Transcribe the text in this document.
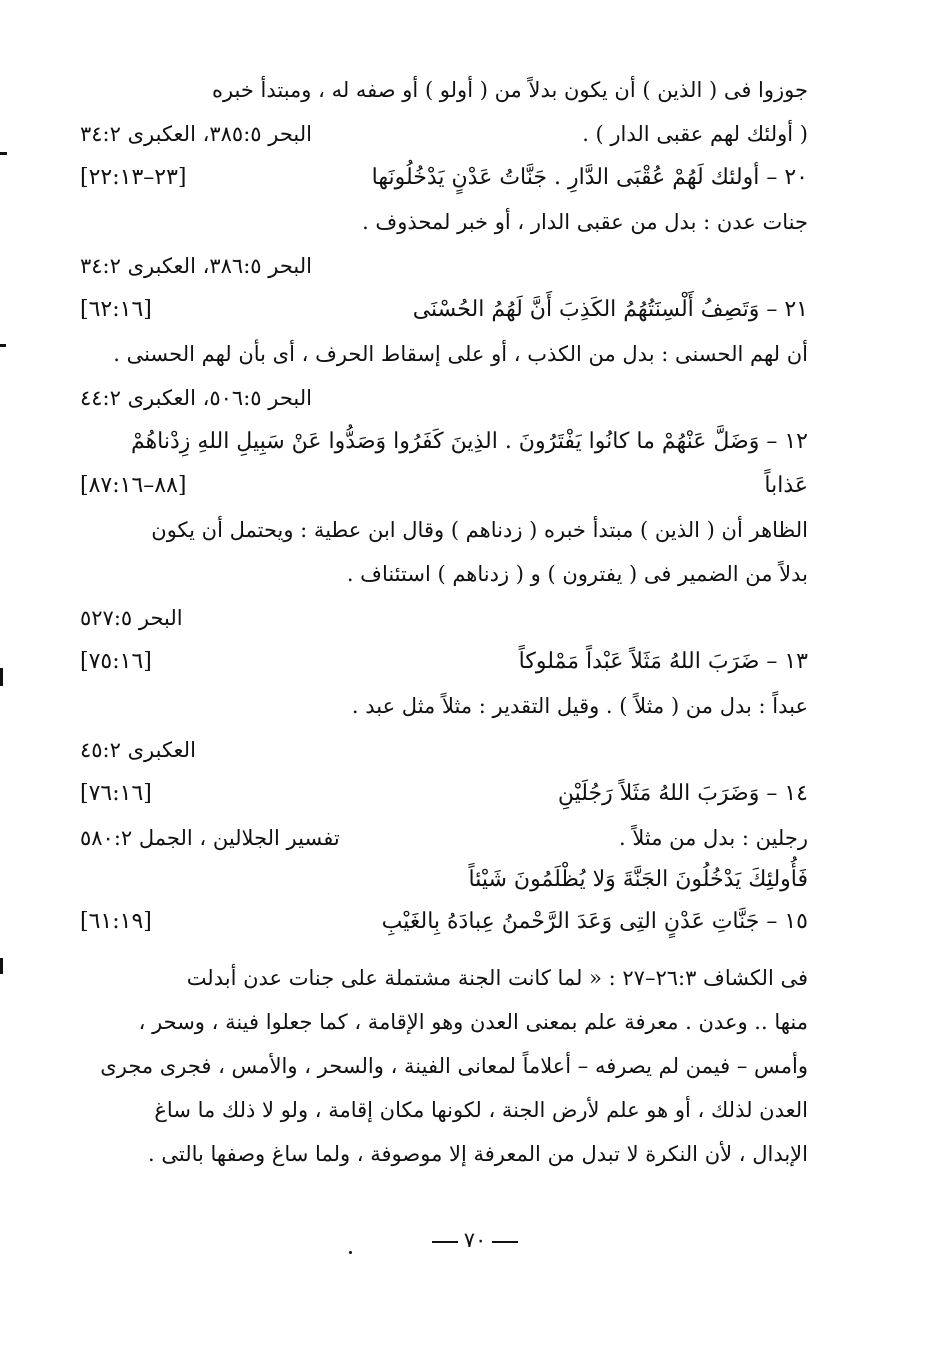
جوزوا فى ( الذين ) أن يكون بدلاً من ( أولو ) أو صفه له ، ومبتدأ خبره
( أولئك لهم عقبى الدار ) .
البحر ٣٨٥:٥، العكبرى ٣٤:٢
٢٠ – أولئك لَهُمْ عُقْبَى الدَّارِ . جَنَّاتُ عَدْنٍ يَدْخُلُونَها
[٢٣–٢٢:١٣]
جنات عدن : بدل من عقبى الدار ، أو خبر لمحذوف .
البحر ٣٨٦:٥، العكبرى ٣٤:٢
٢١ – وَتَصِفُ أَلْسِنَتُهُمُ الكَذِبَ أَنَّ لَهُمُ الحُسْنَى
[٦٢:١٦]
أن لهم الحسنى : بدل من الكذب ، أو على إسقاط الحرف ، أى بأن لهم الحسنى .
البحر ٥٠٦:٥، العكبرى ٤٤:٢
١٢ – وَضَلَّ عَنْهُمْ ما كانُوا يَفْتَرُونَ . الذِينَ كَفَرُوا وَصَدُّوا عَنْ سَبِيلِ اللهِ زِدْناهُمْ
عَذاباً
[٨٨–٨٧:١٦]
الظاهر أن ( الذين ) مبتدأ خبره ( زدناهم ) وقال ابن عطية : ويحتمل أن يكون
بدلاً من الضمير فى ( يفترون ) و ( زدناهم ) استئناف .
البحر ٥٢٧:٥
١٣ – ضَرَبَ اللهُ مَثَلاً عَبْداً مَمْلوكاً
[٧٥:١٦]
عبداً : بدل من ( مثلاً ) . وقيل التقدير : مثلاً مثل عبد .
العكبرى ٤٥:٢
١٤ – وَضَرَبَ اللهُ مَثَلاً رَجُلَيْنِ
[٧٦:١٦]
رجلين : بدل من مثلاً .
تفسير الجلالين ، الجمل ٥٨٠:٢
فَأُولئِكَ يَدْخُلُونَ الجَنَّةَ وَلا يُظْلَمُونَ شَيْئاً
١٥ – جَنَّاتِ عَدْنٍ التِى وَعَدَ الرَّحْمنُ عِبادَهُ بِالغَيْبِ
[٦١:١٩]
فى الكشاف ٢٦:٣–٢٧ : « لما كانت الجنة مشتملة على جنات عدن أبدلت
منها .. وعدن . معرفة علم بمعنى العدن وهو الإقامة ، كما جعلوا فينة ، وسحر ،
وأمس – فيمن لم يصرفه – أعلاماً لمعانى الفينة ، والسحر ، والأمس ، فجرى مجرى
العدن لذلك ، أو هو علم لأرض الجنة ، لكونها مكان إقامة ، ولو لا ذلك ما ساغ
الإبدال ، لأن النكرة لا تبدل من المعرفة إلا موصوفة ، ولما ساغ وصفها بالتى .
٧٠
